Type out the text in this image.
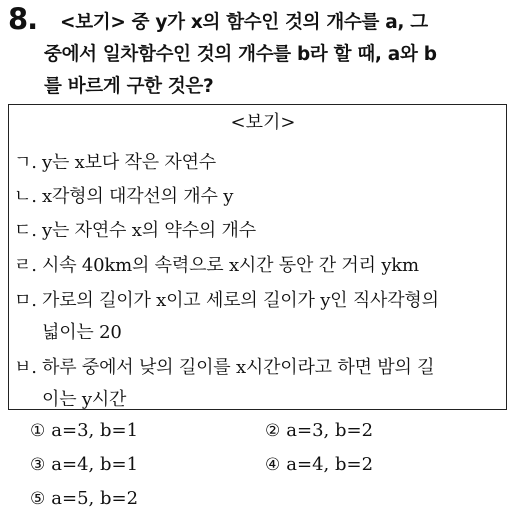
8. <보기> 중 y가 x의 함수인 것의 개수를 a, 그
중에서 일차함수인 것의 개수를 b라 할 때, a와 b
를 바르게 구한 것은?
<보기>
ㄱ. y는 x보다 작은 자연수
ㄴ. x각형의 대각선의 개수 y
ㄷ. y는 자연수 x의 약수의 개수
ㄹ. 시속 40km의 속력으로 x시간 동안 간 거리 ykm
ㅁ. 가로의 길이가 x이고 세로의 길이가 y인 직사각형의
넓이는 20
ㅂ. 하루 중에서 낮의 길이를 x시간이라고 하면 밤의 길
이는 y시간
① a=3, b=1	② a=3, b=2
③ a=4, b=1	④ a=4, b=2
⑤ a=5, b=2
